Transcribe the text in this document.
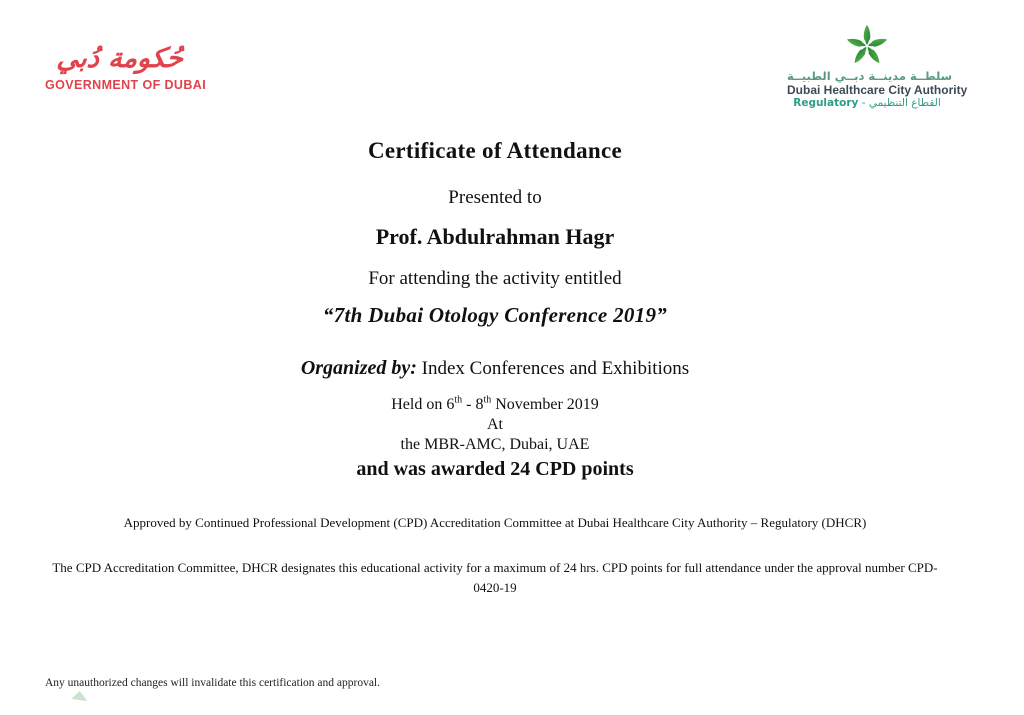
حُكومة دُبي
GOVERNMENT OF DUBAI
سلطــة مدينــة دبــي الطبيــة
Dubai Healthcare City Authority
Regulatory - القطاع التنظيمي
Certificate of Attendance
Presented to
Prof. Abdulrahman Hagr
For attending the activity entitled
“7th Dubai Otology Conference 2019”
Organized by: Index Conferences and Exhibitions
Held on 6th - 8th November 2019
At
the MBR-AMC, Dubai, UAE
and was awarded 24 CPD points
Approved by Continued Professional Development (CPD) Accreditation Committee at Dubai Healthcare City Authority – Regulatory (DHCR)
The CPD Accreditation Committee, DHCR designates this educational activity for a maximum of 24 hrs. CPD points for full attendance under the approval number CPD-
0420-19
Any unauthorized changes will invalidate this certification and approval.
